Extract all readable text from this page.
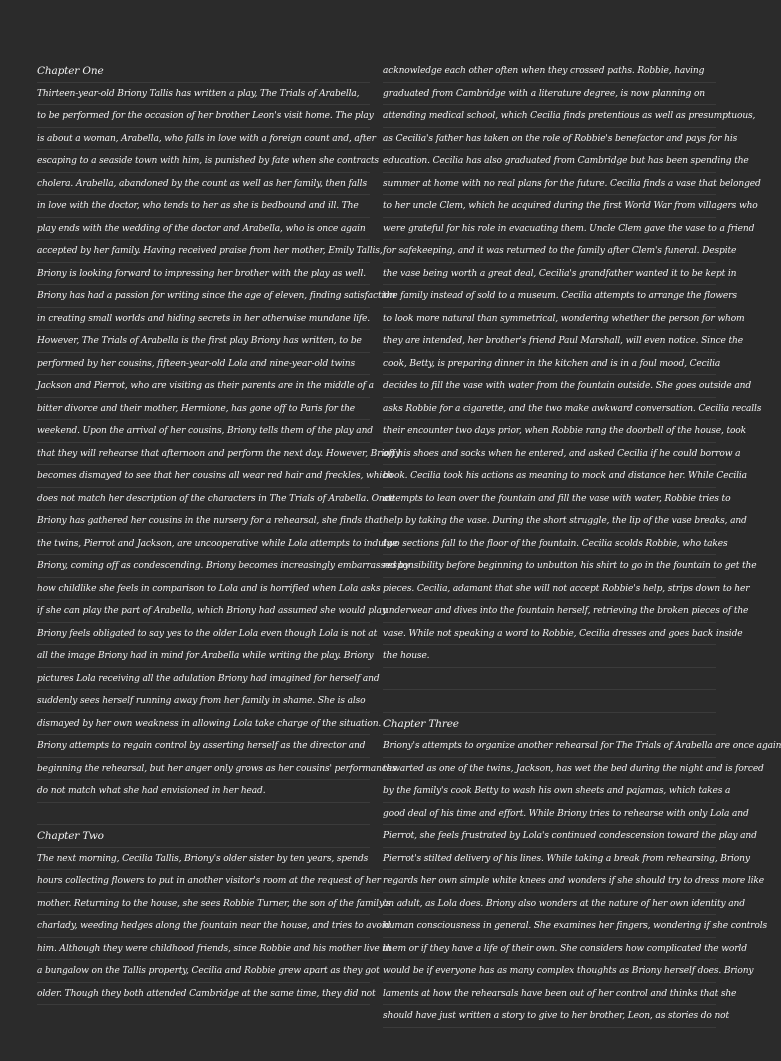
Chapter One
Thirteen-year-old Briony Tallis has written a play, The Trials of Arabella,
to be performed for the occasion of her brother Leon's visit home. The play
is about a woman, Arabella, who falls in love with a foreign count and, after
escaping to a seaside town with him, is punished by fate when she contracts
cholera. Arabella, abandoned by the count as well as her family, then falls
in love with the doctor, who tends to her as she is bedbound and ill. The
play ends with the wedding of the doctor and Arabella, who is once again
accepted by her family. Having received praise from her mother, Emily Tallis,
Briony is looking forward to impressing her brother with the play as well.
Briony has had a passion for writing since the age of eleven, finding satisfaction
in creating small worlds and hiding secrets in her otherwise mundane life.
However, The Trials of Arabella is the first play Briony has written, to be
performed by her cousins, fifteen-year-old Lola and nine-year-old twins
Jackson and Pierrot, who are visiting as their parents are in the middle of a
bitter divorce and their mother, Hermione, has gone off to Paris for the
weekend. Upon the arrival of her cousins, Briony tells them of the play and
that they will rehearse that afternoon and perform the next day. However, Briony
becomes dismayed to see that her cousins all wear red hair and freckles, which
does not match her description of the characters in The Trials of Arabella. Once
Briony has gathered her cousins in the nursery for a rehearsal, she finds that
the twins, Pierrot and Jackson, are uncooperative while Lola attempts to indulge
Briony, coming off as condescending. Briony becomes increasingly embarrassed by
how childlike she feels in comparison to Lola and is horrified when Lola asks
if she can play the part of Arabella, which Briony had assumed she would play.
Briony feels obligated to say yes to the older Lola even though Lola is not at
all the image Briony had in mind for Arabella while writing the play. Briony
pictures Lola receiving all the adulation Briony had imagined for herself and
suddenly sees herself running away from her family in shame. She is also
dismayed by her own weakness in allowing Lola take charge of the situation.
Briony attempts to regain control by asserting herself as the director and
beginning the rehearsal, but her anger only grows as her cousins' performances
do not match what she had envisioned in her head.
Chapter Two
The next morning, Cecilia Tallis, Briony's older sister by ten years, spends
hours collecting flowers to put in another visitor's room at the request of her
mother. Returning to the house, she sees Robbie Turner, the son of the family's
charlady, weeding hedges along the fountain near the house, and tries to avoid
him. Although they were childhood friends, since Robbie and his mother live in
a bungalow on the Tallis property, Cecilia and Robbie grew apart as they got
older. Though they both attended Cambridge at the same time, they did not
acknowledge each other often when they crossed paths. Robbie, having
graduated from Cambridge with a literature degree, is now planning on
attending medical school, which Cecilia finds pretentious as well as presumptuous,
as Cecilia's father has taken on the role of Robbie's benefactor and pays for his
education. Cecilia has also graduated from Cambridge but has been spending the
summer at home with no real plans for the future. Cecilia finds a vase that belonged
to her uncle Clem, which he acquired during the first World War from villagers who
were grateful for his role in evacuating them. Uncle Clem gave the vase to a friend
for safekeeping, and it was returned to the family after Clem's funeral. Despite
the vase being worth a great deal, Cecilia's grandfather wanted it to be kept in
the family instead of sold to a museum. Cecilia attempts to arrange the flowers
to look more natural than symmetrical, wondering whether the person for whom
they are intended, her brother's friend Paul Marshall, will even notice. Since the
cook, Betty, is preparing dinner in the kitchen and is in a foul mood, Cecilia
decides to fill the vase with water from the fountain outside. She goes outside and
asks Robbie for a cigarette, and the two make awkward conversation. Cecilia recalls
their encounter two days prior, when Robbie rang the doorbell of the house, took
off his shoes and socks when he entered, and asked Cecilia if he could borrow a
book. Cecilia took his actions as meaning to mock and distance her. While Cecilia
attempts to lean over the fountain and fill the vase with water, Robbie tries to
help by taking the vase. During the short struggle, the lip of the vase breaks, and
two sections fall to the floor of the fountain. Cecilia scolds Robbie, who takes
responsibility before beginning to unbutton his shirt to go in the fountain to get the
pieces. Cecilia, adamant that she will not accept Robbie's help, strips down to her
underwear and dives into the fountain herself, retrieving the broken pieces of the
vase. While not speaking a word to Robbie, Cecilia dresses and goes back inside
the house.
Chapter Three
Briony's attempts to organize another rehearsal for The Trials of Arabella are once again
thwarted as one of the twins, Jackson, has wet the bed during the night and is forced
by the family's cook Betty to wash his own sheets and pajamas, which takes a
good deal of his time and effort. While Briony tries to rehearse with only Lola and
Pierrot, she feels frustrated by Lola's continued condescension toward the play and
Pierrot's stilted delivery of his lines. While taking a break from rehearsing, Briony
regards her own simple white knees and wonders if she should try to dress more like
an adult, as Lola does. Briony also wonders at the nature of her own identity and
human consciousness in general. She examines her fingers, wondering if she controls
them or if they have a life of their own. She considers how complicated the world
would be if everyone has as many complex thoughts as Briony herself does. Briony
laments at how the rehearsals have been out of her control and thinks that she
should have just written a story to give to her brother, Leon, as stories do not
